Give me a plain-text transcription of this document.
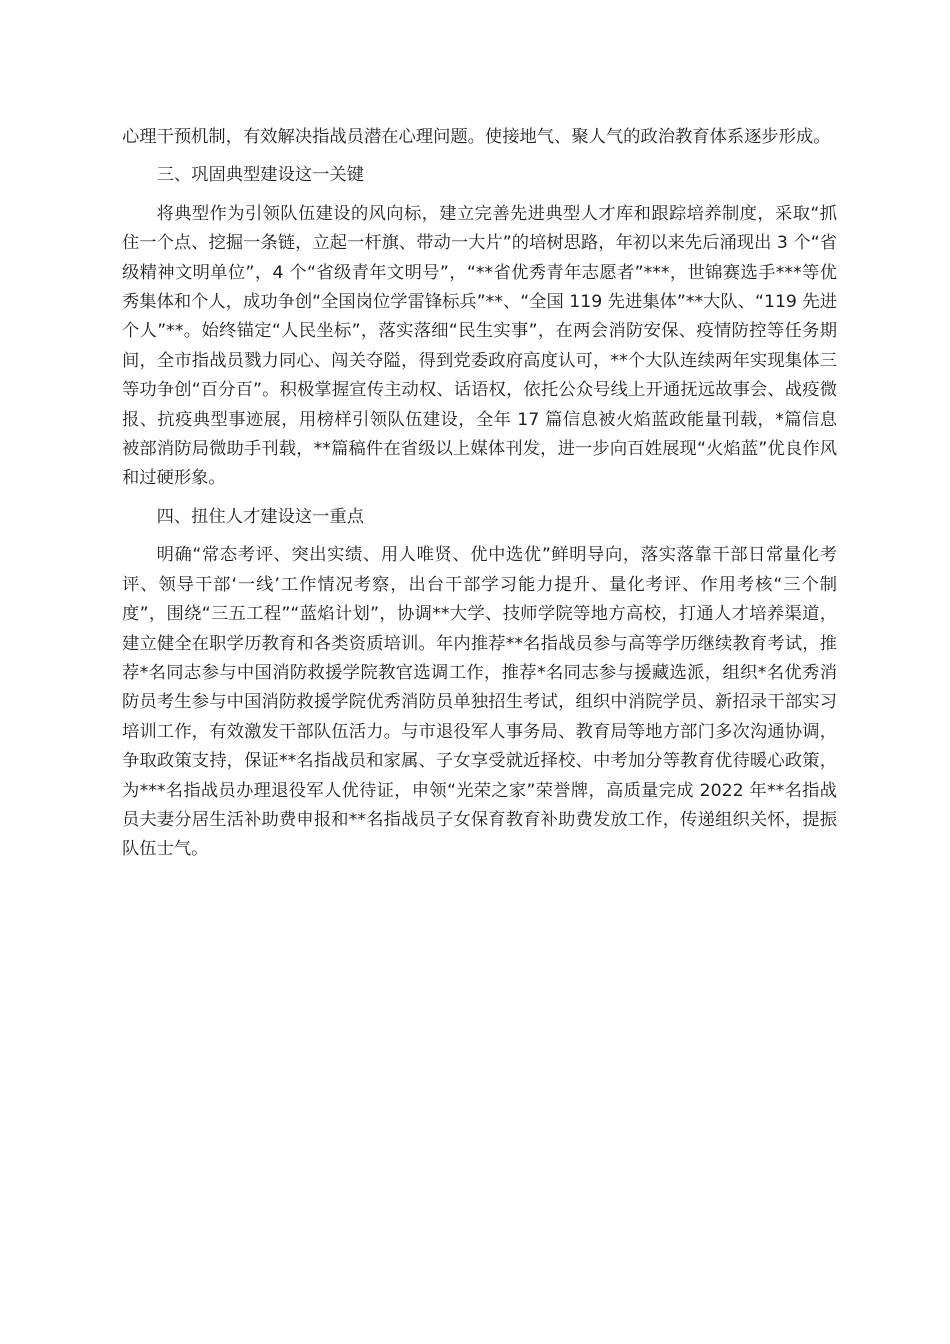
心理干预机制，有效解决指战员潜在心理问题。使接地气、聚人气的政治教育体系逐步形成。

三、巩固典型建设这一关键

将典型作为引领队伍建设的风向标，建立完善先进典型人才库和跟踪培养制度，采取“抓住一个点、挖掘一条链，立起一杆旗、带动一大片”的培树思路，年初以来先后涌现出 3 个“省级精神文明单位”，4 个“省级青年文明号”，“**省优秀青年志愿者”***，世锦赛选手***等优秀集体和个人，成功争创“全国岗位学雷锋标兵”**、“全国 119 先进集体”**大队、“119 先进个人”**。始终锚定“人民坐标”，落实落细“民生实事”，在两会消防安保、疫情防控等任务期间，全市指战员戮力同心、闯关夺隘，得到党委政府高度认可，**个大队连续两年实现集体三等功争创“百分百”。积极掌握宣传主动权、话语权，依托公众号线上开通抚远故事会、战疫微报、抗疫典型事迹展，用榜样引领队伍建设，全年 17 篇信息被火焰蓝政能量刊载，*篇信息被部消防局微助手刊载，**篇稿件在省级以上媒体刊发，进一步向百姓展现“火焰蓝”优良作风和过硬形象。

四、扭住人才建设这一重点

明确“常态考评、突出实绩、用人唯贤、优中选优”鲜明导向，落实落靠干部日常量化考评、领导干部‘一线’工作情况考察，出台干部学习能力提升、量化考评、作用考核“三个制度”，围绕“三五工程”“蓝焰计划”，协调**大学、技师学院等地方高校，打通人才培养渠道，建立健全在职学历教育和各类资质培训。年内推荐**名指战员参与高等学历继续教育考试，推荐*名同志参与中国消防救援学院教官选调工作，推荐*名同志参与援藏选派，组织*名优秀消防员考生参与中国消防救援学院优秀消防员单独招生考试，组织中消院学员、新招录干部实习培训工作，有效激发干部队伍活力。与市退役军人事务局、教育局等地方部门多次沟通协调，争取政策支持，保证**名指战员和家属、子女享受就近择校、中考加分等教育优待暖心政策，为***名指战员办理退役军人优待证，申领“光荣之家”荣誉牌，高质量完成 2022 年**名指战员夫妻分居生活补助费申报和**名指战员子女保育教育补助费发放工作，传递组织关怀，提振队伍士气。
